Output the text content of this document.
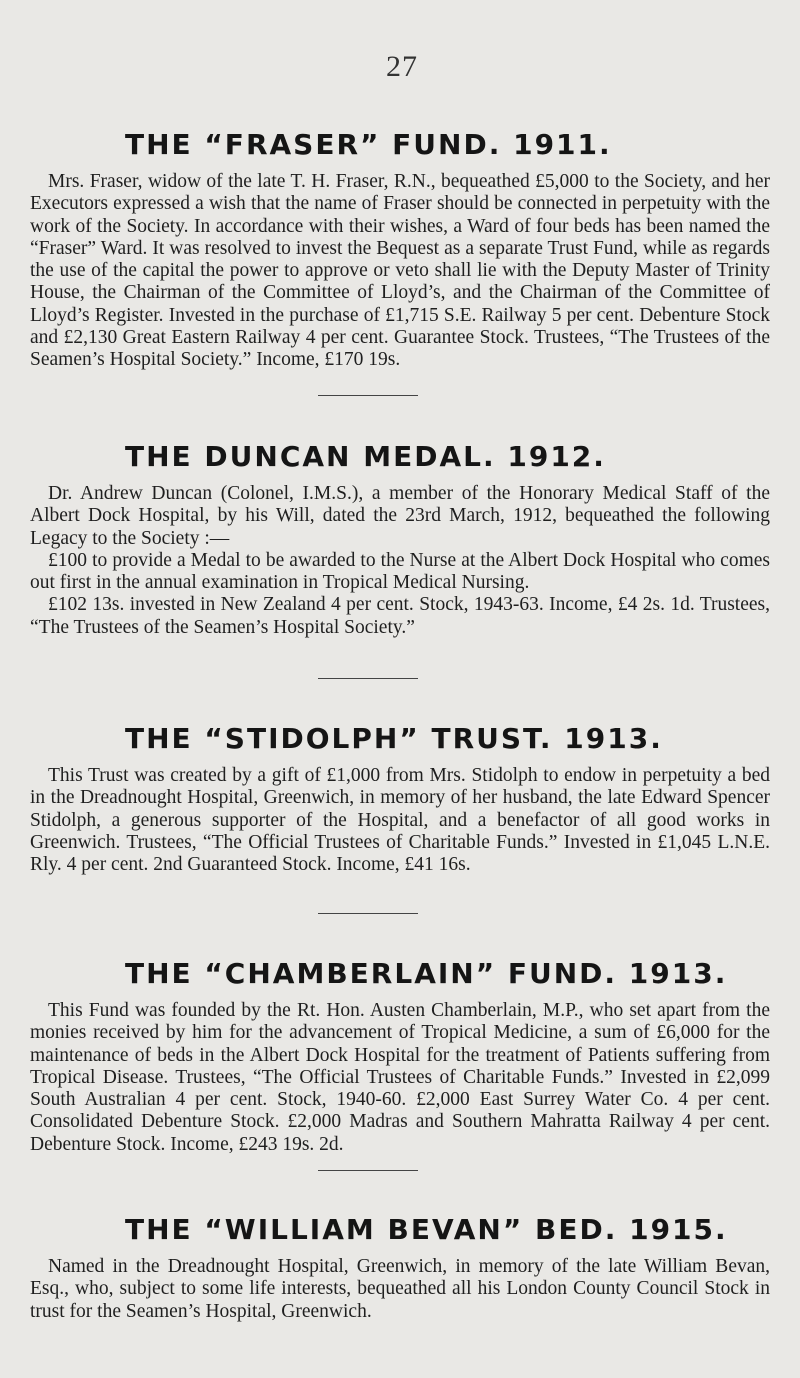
27
THE “FRASER” FUND. 1911.

Mrs. Fraser, widow of the late T. H. Fraser, R.N., bequeathed £5,000 to the Society, and her Executors expressed a wish that the name of Fraser should be connected in perpetuity with the work of the Society. In accordance with their wishes, a Ward of four beds has been named the “Fraser” Ward. It was resolved to invest the Bequest as a separate Trust Fund, while as regards the use of the capital the power to approve or veto shall lie with the Deputy Master of Trinity House, the Chairman of the Committee of Lloyd’s, and the Chairman of the Committee of Lloyd’s Register. Invested in the purchase of £1,715 S.E. Railway 5 per cent. Debenture Stock and £2,130 Great Eastern Railway 4 per cent. Guarantee Stock. Trustees, “The Trustees of the Seamen’s Hospital Society.” Income, £170 19s.

THE DUNCAN MEDAL. 1912.

Dr. Andrew Duncan (Colonel, I.M.S.), a member of the Honorary Medical Staff of the Albert Dock Hospital, by his Will, dated the 23rd March, 1912, bequeathed the following Legacy to the Society :—

£100 to provide a Medal to be awarded to the Nurse at the Albert Dock Hospital who comes out first in the annual examination in Tropical Medical Nursing.

£102 13s. invested in New Zealand 4 per cent. Stock, 1943-63. Income, £4 2s. 1d. Trustees, “The Trustees of the Seamen’s Hospital Society.”

THE “STIDOLPH” TRUST. 1913.

This Trust was created by a gift of £1,000 from Mrs. Stidolph to endow in perpetuity a bed in the Dreadnought Hospital, Greenwich, in memory of her husband, the late Edward Spencer Stidolph, a generous supporter of the Hospital, and a benefactor of all good works in Greenwich. Trustees, “The Official Trustees of Charitable Funds.” Invested in £1,045 L.N.E. Rly. 4 per cent. 2nd Guaranteed Stock. Income, £41 16s.

THE “CHAMBERLAIN” FUND. 1913.

This Fund was founded by the Rt. Hon. Austen Chamberlain, M.P., who set apart from the monies received by him for the advancement of Tropical Medicine, a sum of £6,000 for the maintenance of beds in the Albert Dock Hospital for the treatment of Patients suffering from Tropical Disease. Trustees, “The Official Trustees of Charitable Funds.” Invested in £2,099 South Australian 4 per cent. Stock, 1940-60. £2,000 East Surrey Water Co. 4 per cent. Consolidated Debenture Stock. £2,000 Madras and Southern Mahratta Railway 4 per cent. Debenture Stock. Income, £243 19s. 2d.

THE “WILLIAM BEVAN” BED. 1915.

Named in the Dreadnought Hospital, Greenwich, in memory of the late William Bevan, Esq., who, subject to some life interests, bequeathed all his London County Council Stock in trust for the Seamen’s Hospital, Greenwich.
